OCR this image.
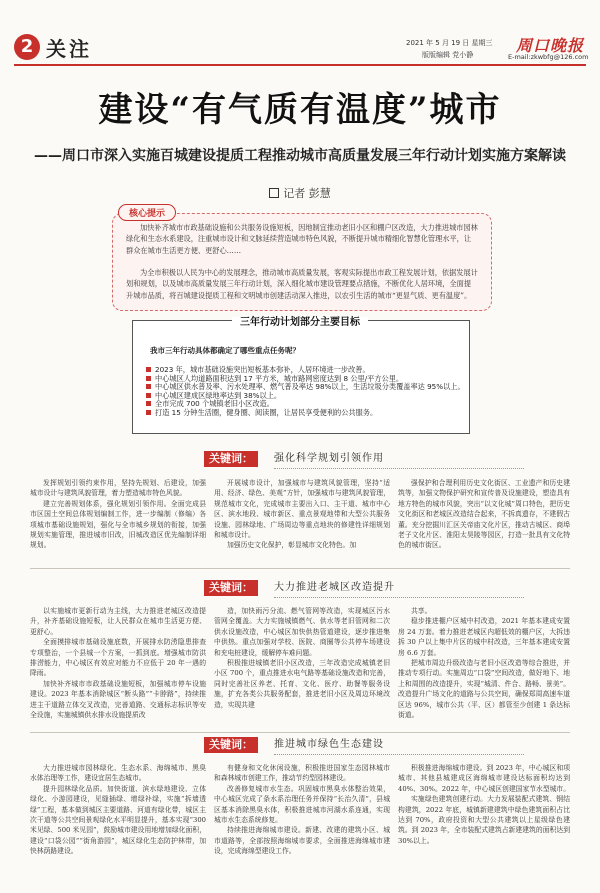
2 关注	2021 年 5 月 19 日 星期三
版版编辑 党小静	周口晚报
E-mail:zkwbfg@126.com
建设“有气质有温度”城市
——周口市深入实施百城建设提质工程推动城市高质量发展三年行动计划实施方案解读
记者 彭慧
核心提示

加快补齐城市市政基础设施和公共服务设施短板，因地制宜推动老旧小区和棚户区改造，大力推进城市园林绿化和生态水系建设，注重城市设计和文脉延续营造城市特色风貌，不断提升城市精细化智慧化管理水平，让群众在城市生活更方便、更舒心……

为全市积极以人民为中心的发展理念，推动城市高质量发展，客观实际提出市政工程发展计划，依据发展计划和规划，以及城市高质量发展三年行动计划，深入细化城市建设管理要点措施，不断优化人居环境，全面提升城市品质，将百城建设提质工程和文明城市创建活动深入推进，以农引生活的城市“更显气质、更有温度”。

三年行动计划部分主要目标
我市三年行动具体都确定了哪些重点任务呢？
2023 年，城市基础设施突出短板基本弥补，人居环境进一步改善。
中心城区人均道路面积达到 17 平方米，城市路网密度达到 8 公里/平方公里。
中心城区供水普及率、污水处理率、燃气普及率达 98%以上，生活垃圾分类覆盖率达 95%以上。
中心城区建成区绿地率达到 38%以上。
全市完成 700 个城镇老旧小区改造。
打造 15 分钟生活圈，健身圈、阅读圈，让居民享受便利的公共服务。
关键词：	强化科学规划引领作用

发挥规划引领约束作用，坚持先规划、后建设，加强城市设计与建筑风貌管理，着力塑造城市特色风貌。

建立完善规划体系，强化规划引领作用。全面完成县市区国土空间总体规划编制工作，进一步编制（修编）各项城市基础设施规划，强化与全市城乡规划的衔接，加强规划实施管理，推进城市旧改，旧城改造区优先编制详细规划。

开展城市设计，加强城市与建筑风貌管理，坚持“适用、经济、绿色、美观”方针，加强城市与建筑风貌管理，规范城市文化，完成城市主要出入口、主干道、城市中心区、滨水地段、城市新区、重点景观地带和大型公共服务设施、园林绿地、广场周边等重点地块的修建性详细规划和城市设计。

加强历史文化保护，彰显城市文化特色。加

强保护和合理利用历史文化街区、工业遗产和历史建筑等，加强文物保护研究和宣传普及设施建设，塑造具有地方特色的城市风貌，突出“以文化城”周口特色，把历史文化街区和老城区改造结合起来，不拆真遗存，不建假古董。充分挖掘川汇区关帝庙文化片区，推动古城区、商埠老子文化片区、淮阳太昊陵等园区，打造一批具有文化特色的城市街区。

关键词：	大力推进老城区改造提升

以实施城市更新行动为主线，大力推进老城区改造提升，补齐基础设施短板，让人民群众在城市生活更方便、更舒心。

全面摸排城市基础设施底数，开展排水防涝隐患排查专项整治，一个县城一个方案，一抓到底。增强城市防洪排涝能力，中心城区有效应对能力不应低于 20 年一遇的降雨。

加快补齐城市市政基础设施短板，加强城市停车设施建设。2023 年基本消除城区“断头路”“卡脖路”，持续推进主干道路立体交叉改造，完善道路、交通标志标识等安全设施，实施城镇供水排水设施提质改

造，加快雨污分流、燃气管网等改造，实现城区污水管网全覆盖。大力实施城镇燃气、供水等老旧管网和二次供水设施改造，中心城区加快供热管道建设，逐步推进集中供热。重点加强对学校、医院、商圈等公共停车场建设和充电桩建设，缓解停车难问题。

积极推进城镇老旧小区改造，三年改造完成城镇老旧小区 700 个，重点推进水电气路等基础设施改造和完善，同时完善社区养老、托育、文化、医疗、助餐等服务设施，扩充各类公共服务配套，推进老旧小区及周边环境改造，实现共建

共享。

稳步推进棚户区城中村改造，2021 年基本建成安置房 24 万套。着力推进老城区内超低效的棚户区，大拆违拆 30 户以上集中片区的城中村改造，三年基本建成安置房 6.6 万套。

把城市周边升级改造与老旧小区改造等综合推进，并推动专项行动。实施周边“口袋”空间改造，做好地下、地上和周围的改造提升，实现“城清、件合、路畅、景美”。改造提升广场文化的道路与公共空间，确保郑周高速车道区达 96%，城市公共（平、区）都管至少创建 1 条达标街道。

关键词：	推进城市绿色生态建设

大力推进城市园林绿化、生态水系、海绵城市、黑臭水体治理等工作，建设宜居生态城市。

提升园林绿化品质。加快街道、滨水绿地建设、立体绿化、小游园建设，见缝插绿、增绿补绿，实施“拆墙透绿”工程，基本做到城区主要道路、河道有绿化带，城区主次干道等公共空间景观绿化水平明显提升，基本实现“300 米见绿、500 米见园”，鼓励城市建设用地增加绿化面积，建设“口袋公园”“街角游园”，城区绿化生态防护林带，加快林荫路建设。

有健身和文化休闲设施，积极推进国家生态园林城市和森林城市创建工作，推动节约型园林建设。

改善修复城市水生态。巩固城市黑臭水体整治效果，中心城区完成了条水系治理任务并保持“长治久清”，县城区基本消除黑臭水体，积极推进城市河湖水系连通，实现城市水生态系统修复。

持续推进海绵城市建设。新建、改建的建筑小区、城市道路等，全部按照海绵城市要求，全面推进海绵城市建设，完成海绵型建设工作。

积极推进海绵城市建设。到 2023 年，中心城区和项城市、其他县城建成区海绵城市建设达标面积均达到 40%、30%。2022 年，中心城区创建国家节水型城市。

实施绿色建筑创建行动。大力发展装配式建筑、钢结构建筑，2022 年底，城镇新建建筑中绿色建筑面积占比达到 70%，政府投资和大型公共建筑以上星级绿色建筑。到 2023 年，全市装配式建筑占新建建筑的面积达到 30%以上。
